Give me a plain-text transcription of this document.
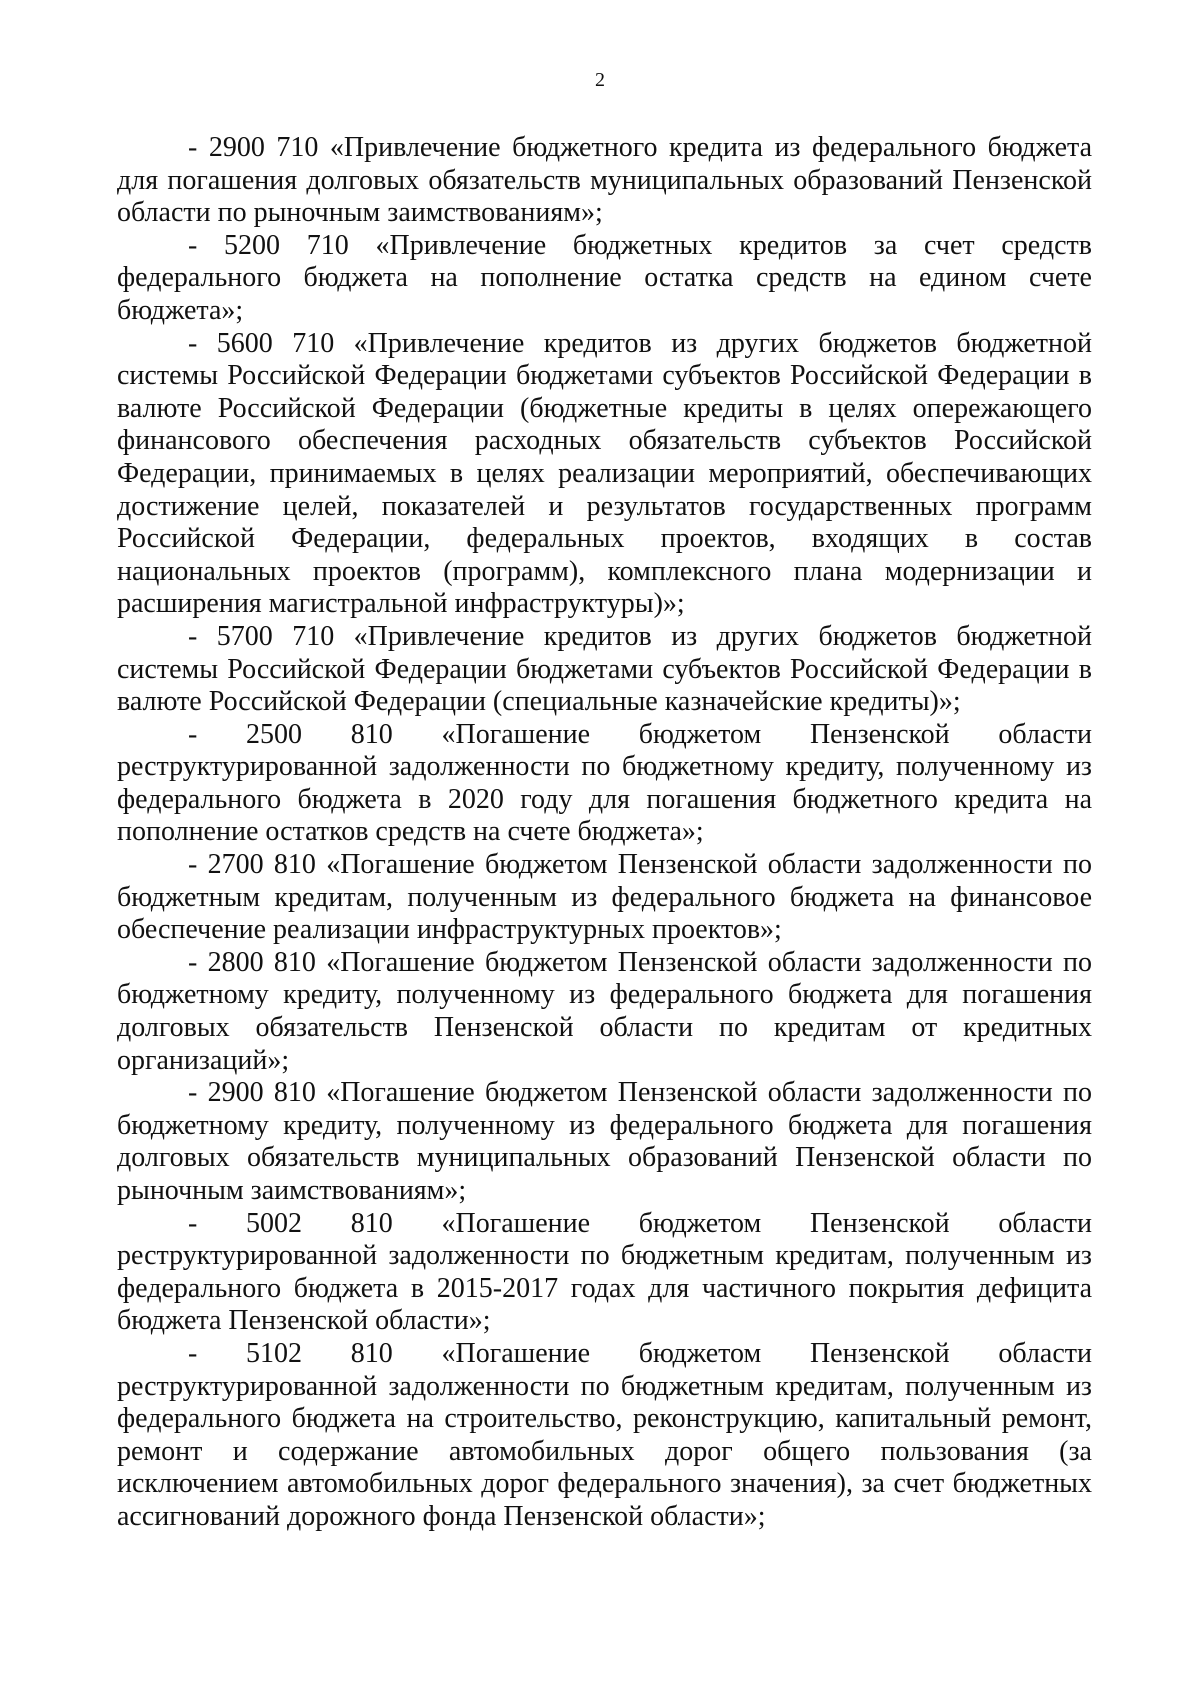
2

- 2900 710 «Привлечение бюджетного кредита из федерального бюджета для погашения долговых обязательств муниципальных образований Пензенской области по рыночным заимствованиям»;

- 5200 710 «Привлечение бюджетных кредитов за счет средств федерального бюджета на пополнение остатка средств на едином счете бюджета»;

- 5600 710 «Привлечение кредитов из других бюджетов бюджетной системы Российской Федерации бюджетами субъектов Российской Федерации в валюте Российской Федерации (бюджетные кредиты в целях опережающего финансового обеспечения расходных обязательств субъектов Российской Федерации, принимаемых в целях реализации мероприятий, обеспечивающих достижение целей, показателей и результатов государственных программ Российской Федерации, федеральных проектов, входящих в состав национальных проектов (программ), комплексного плана модернизации и расширения магистральной инфраструктуры)»;

- 5700 710 «Привлечение кредитов из других бюджетов бюджетной системы Российской Федерации бюджетами субъектов Российской Федерации в валюте Российской Федерации (специальные казначейские кредиты)»;

- 2500 810 «Погашение бюджетом Пензенской области реструктурированной задолженности по бюджетному кредиту, полученному из федерального бюджета в 2020 году для погашения бюджетного кредита на пополнение остатков средств на счете бюджета»;

- 2700 810 «Погашение бюджетом Пензенской области задолженности по бюджетным кредитам, полученным из федерального бюджета на финансовое обеспечение реализации инфраструктурных проектов»;

- 2800 810 «Погашение бюджетом Пензенской области задолженности по бюджетному кредиту, полученному из федерального бюджета для погашения долговых обязательств Пензенской области по кредитам от кредитных организаций»;

- 2900 810 «Погашение бюджетом Пензенской области задолженности по бюджетному кредиту, полученному из федерального бюджета для погашения долговых обязательств муниципальных образований Пензенской области по рыночным заимствованиям»;

- 5002 810 «Погашение бюджетом Пензенской области реструктурированной задолженности по бюджетным кредитам, полученным из федерального бюджета в 2015-2017 годах для частичного покрытия дефицита бюджета Пензенской области»;

- 5102 810 «Погашение бюджетом Пензенской области реструктурированной задолженности по бюджетным кредитам, полученным из федерального бюджета на строительство, реконструкцию, капитальный ремонт, ремонт и содержание автомобильных дорог общего пользования (за исключением автомобильных дорог федерального значения), за счет бюджетных ассигнований дорожного фонда Пензенской области»;
